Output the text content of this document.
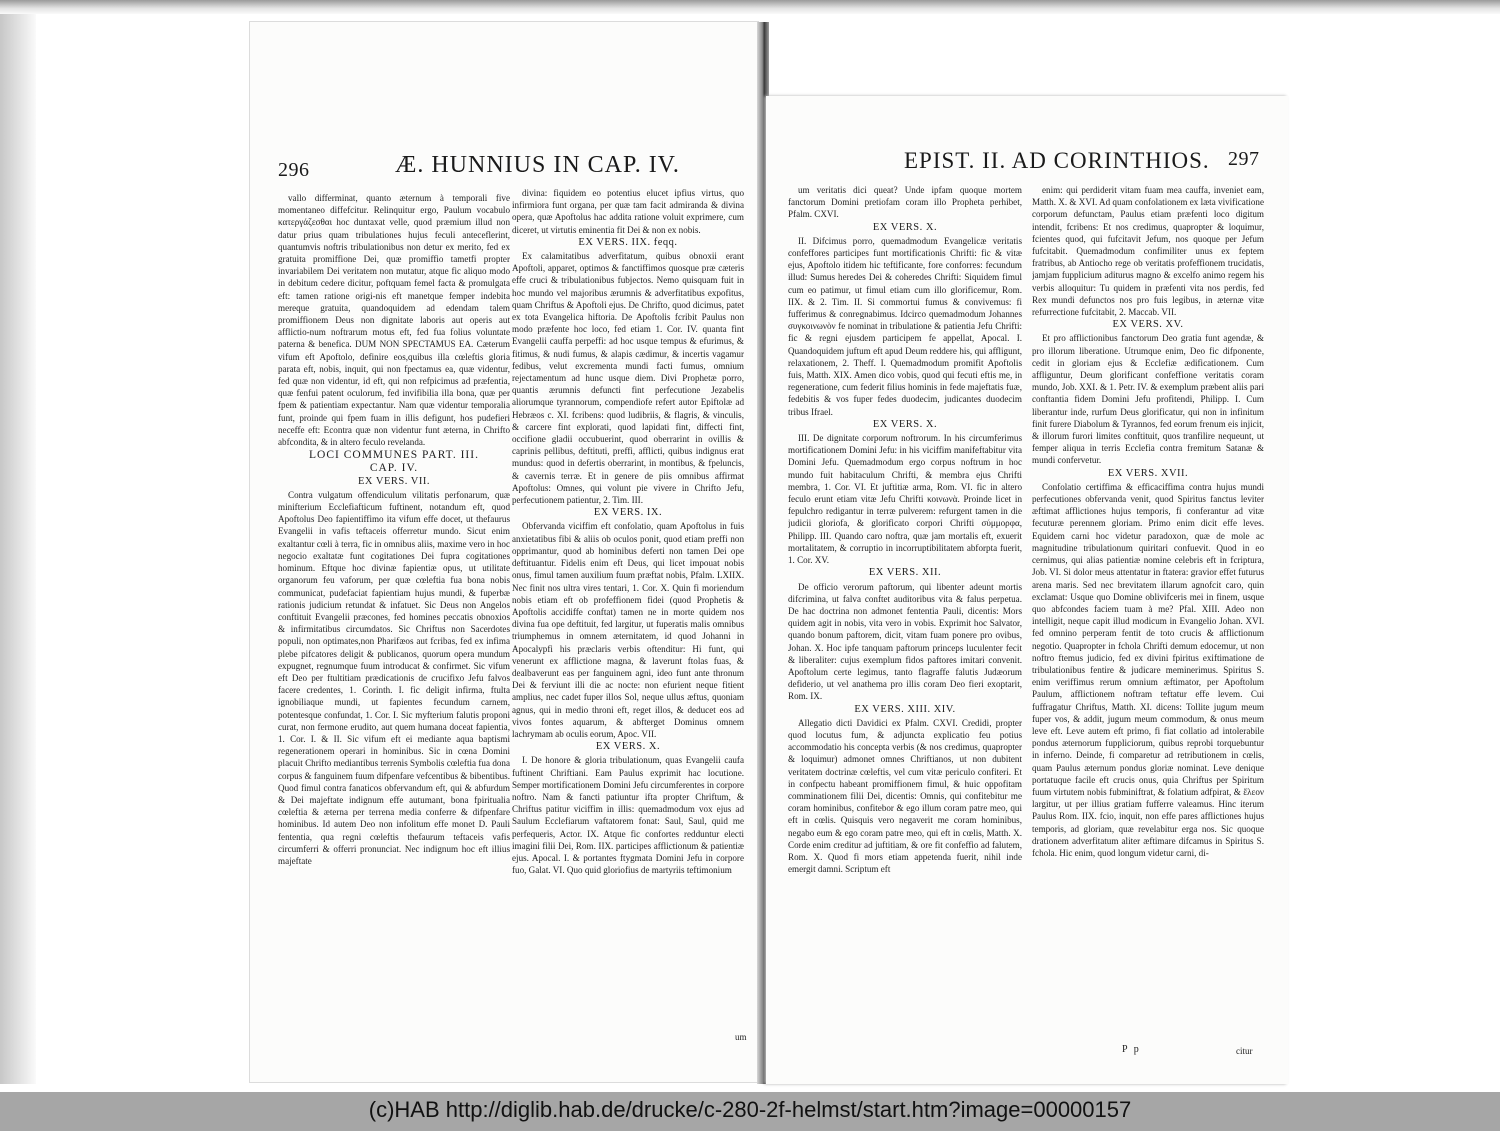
296	Æ. HUNNIUS IN CAP. IV.

vallo differminat, quanto æternum à temporali five momentaneo diffefcitur. Relinquitur ergo, Paulum vocabulo κατεργάζεσθαι hoc duntaxat velle, quod præmium illud non datur prius quam tribulationes hujus feculi anteceflerint, quantumvis noftris tribulationibus non detur ex merito, fed ex gratuita promiffione Dei, quæ promiffio tametfi propter invariabilem Dei veritatem non mutatur, atque fic aliquo modo in debitum cedere dicitur, poftquam femel facta & promulgata eft: tamen ratione origi-nis eft manetque femper indebita mereque gratuita, quandoquidem ad edendam talem promiffionem Deus non dignitate laboris aut operis aut afflictio-num noftrarum motus eft, fed fua folius voluntate paterna & benefica. DUM NON SPECTAMUS EA. Cæterum vifum eft Apoftolo, definire eos,quibus illa cœleftis gloria parata eft, nobis, inquit, qui non fpectamus ea, quæ videntur, fed quæ non videntur, id eft, qui non refpicimus ad præfentia, quæ fenfui patent oculorum, fed invifibilia illa bona, quæ per fpem & patientiam expectantur. Nam quæ videntur temporalia funt, proinde qui fpem fuam in illis defigunt, hos pudefieri neceffe eft: Econtra quæ non videntur funt æterna, in Chrifto abfcondita, & in altero feculo revelanda.

LOCI COMMUNES PART. III.

CAP. IV.

EX VERS. VII.

Contra vulgatum offendiculum vilitatis perfonarum, quæ minifterium Ecclefiafticum fuftinent, notandum eft, quod Apoftolus Deo fapientiffimo ita vifum effe docet, ut thefaurus Evangelii in vafis teftaceis offerretur mundo. Sicut enim exaltantur cœli à terra, fic in omnibus aliis, maxime vero in hoc negocio exaltatæ funt cogitationes Dei fupra cogitationes hominum. Eftque hoc divinæ fapientiæ opus, ut utilitate organorum feu vaforum, per quæ cœleftia fua bona nobis communicat, pudefaciat fapientiam hujus mundi, & fuperbæ rationis judicium retundat & infatuet. Sic Deus non Angelos conftituit Evangelii præcones, fed homines peccatis obnoxios & infirmitatibus circumdatos. Sic Chriftus non Sacerdotes populi, non optimates,non Pharifæos aut fcribas, fed ex infima plebe pifcatores deligit & publicanos, quorum opera mundum expugnet, regnumque fuum introducat & confirmet. Sic vifum eft Deo per ftultitiam prædicationis de crucifixo Jefu falvos facere credentes, 1. Corinth. I. fic deligit infirma, ftulta ignobiliaque mundi, ut fapientes fecundum carnem, potentesque confundat, 1. Cor. I. Sic myfterium falutis proponi curat, non fermone erudito, aut quem humana doceat fapientia, 1. Cor. I. & II. Sic vifum eft ei mediante aqua baptismi regenerationem operari in hominibus. Sic in cœna Domini placuit Chrifto mediantibus terrenis Symbolis cœleftia fua dona corpus & fanguinem fuum difpenfare vefcentibus & bibentibus. Quod fimul contra fanaticos obfervandum eft, qui & abfurdum & Dei majeftate indignum effe autumant, bona fpiritualia cœleftia & æterna per terrena media conferre & difpenfare hominibus. Id autem Deo non infolitum effe monet D. Pauli fententia, qua regni cœleftis thefaurum teftaceis vafis circumferri & offerri pronunciat. Nec indignum hoc eft illius majeftate

divina: fiquidem eo potentius elucet ipfius virtus, quo infirmiora funt organa, per quæ tam facit admiranda & divina opera, quæ Apoftolus hac addita ratione voluit exprimere, cum diceret, ut virtutis eminentia fit Dei & non ex nobis.

EX VERS. IIX. feqq.

Ex calamitatibus adverfitatum, quibus obnoxii erant Apoftoli, apparet, optimos & fanctiffimos quosque præ cæteris effe cruci & tribulationibus fubjectos. Nemo quisquam fuit in hoc mundo vel majoribus ærumnis & adverfitatibus expofitus, quam Chriftus & Apoftoli ejus. De Chrifto, quod dicimus, patet ex tota Evangelica hiftoria. De Apoftolis fcribit Paulus non modo præfente hoc loco, fed etiam 1. Cor. IV. quanta fint Evangelii cauffa perpeffi: ad hoc usque tempus & efurimus, & fitimus, & nudi fumus, & alapis cædimur, & incertis vagamur fedibus, velut excrementa mundi facti fumus, omnium rejectamentum ad hunc usque diem. Divi Prophetæ porro, quantis ærumnis defuncti fint perfecutione Jezabelis aliorumque tyrannorum, compendiofe refert autor Epiftolæ ad Hebræos c. XI. fcribens: quod ludibriis, & flagris, & vinculis, & carcere fint explorati, quod lapidati fint, diffecti fint, occifione gladii occubuerint, quod oberrarint in ovillis & caprinis pellibus, deftituti, preffi, afflicti, quibus indignus erat mundus: quod in defertis oberrarint, in montibus, & fpeluncis, & cavernis terræ. Et in genere de piis omnibus affirmat Apoftolus: Omnes, qui volunt pie vivere in Chrifto Jefu, perfecutionem patientur, 2. Tim. III.

EX VERS. IX.

Obfervanda viciffim eft confolatio, quam Apoftolus in fuis anxietatibus fibi & aliis ob oculos ponit, quod etiam preffi non opprimantur, quod ab hominibus deferti non tamen Dei ope deftituantur. Fidelis enim eft Deus, qui licet impouat nobis onus, fimul tamen auxilium fuum præftat nobis, Pfalm. LXIIX. Nec finit nos ultra vires tentari, 1. Cor. X. Quin fi moriendum nobis etiam eft ob profeffionem fidei (quod Prophetis & Apoftolis accidiffe conftat) tamen ne in morte quidem nos divina fua ope deftituit, fed largitur, ut fuperatis malis omnibus triumphemus in omnem æternitatem, id quod Johanni in Apocalypfi his præclaris verbis oftenditur: Hi funt, qui venerunt ex afflictione magna, & laverunt ftolas fuas, & dealbaverunt eas per fanguinem agni, ideo funt ante thronum Dei & ferviunt illi die ac nocte: non efurient neque fitient amplius, nec cadet fuper illos Sol, neque ullus æftus, quoniam agnus, qui in medio throni eft, reget illos, & deducet eos ad vivos fontes aquarum, & abfterget Dominus omnem lachrymam ab oculis eorum, Apoc. VII.

EX VERS. X.

I. De honore & gloria tribulationum, quas Evangelii caufa fuftinent Chriftiani. Eam Paulus exprimit hac locutione. Semper mortificationem Domini Jefu circumferentes in corpore noftro. Nam & fancti patiuntur ifta propter Chriftum, & Chriftus patitur viciffim in illis: quemadmodum vox ejus ad Saulum Ecclefiarum vaftatorem fonat: Saul, Saul, quid me perfequeris, Actor. IX. Atque fic confortes redduntur electi imagini filii Dei, Rom. IIX. participes afflictionum & patientiæ ejus. Apocal. I. & portantes ftygmata Domini Jefu in corpore fuo, Galat. VI. Quo quid gloriofius de martyriis teftimonium

um
EPIST. II. AD CORINTHIOS. 297

um veritatis dici queat? Unde ipfam quoque mortem fanctorum Domini pretiofam coram illo Propheta perhibet, Pfalm. CXVI.

EX VERS. X.

II. Difcimus porro, quemadmodum Evangelicæ veritatis confeffores participes funt mortificationis Chrifti: fic & vitæ ejus, Apoftolo itidem hic teftificante, fore conforres: fecundum illud: Sumus heredes Dei & coheredes Chrifti: Siquidem fimul cum eo patimur, ut fimul etiam cum illo glorificemur, Rom. IIX. & 2. Tim. II. Si commortui fumus & convivemus: fi fufferimus & conregnabimus. Idcirco quemadmodum Johannes συγκοινωνὸν fe nominat in tribulatione & patientia Jefu Chrifti: fic & regni ejusdem participem fe appellat, Apocal. I. Quandoquidem juftum eft apud Deum reddere his, qui affligunt, relaxationem, 2. Theff. I. Quemadmodum promifit Apoftolis fuis, Matth. XIX. Amen dico vobis, quod qui fecuti eftis me, in regeneratione, cum federit filius hominis in fede majeftatis fuæ, fedebitis & vos fuper fedes duodecim, judicantes duodecim tribus Ifrael.

EX VERS. X.

III. De dignitate corporum noftrorum. In his circumferimus mortificationem Domini Jefu: in his viciffim manifeftabitur vita Domini Jefu. Quemadmodum ergo corpus noftrum in hoc mundo fuit habitaculum Chrifti, & membra ejus Chrifti membra, 1. Cor. VI. Et juftitiæ arma, Rom. VI. fic in altero feculo erunt etiam vitæ Jefu Chrifti κοινωνὰ. Proinde licet in fepulchro redigantur in terræ pulverem: refurgent tamen in die judicii gloriofa, & glorificato corpori Chrifti σύμμορφα, Philipp. III. Quando caro noftra, quæ jam mortalis eft, exuerit mortalitatem, & corruptio in incorruptibilitatem abforpta fuerit, 1. Cor. XV.

EX VERS. XII.

De officio verorum paftorum, qui libenter adeunt mortis difcrimina, ut falva conftet auditoribus vita & falus perpetua. De hac doctrina non admonet fententia Pauli, dicentis: Mors quidem agit in nobis, vita vero in vobis. Exprimit hoc Salvator, quando bonum paftorem, dicit, vitam fuam ponere pro ovibus, Johan. X. Hoc ipfe tanquam paftorum princeps luculenter fecit & liberaliter: cujus exemplum fidos paftores imitari convenit. Apoftolum certe legimus, tanto flagraffe falutis Judæorum defiderio, ut vel anathema pro illis coram Deo fieri exoptarit, Rom. IX.

EX VERS. XIII. XIV.

Allegatio dicti Davidici ex Pfalm. CXVI. Credidi, propter quod locutus fum, & adjuncta explicatio feu potius accommodatio his concepta verbis (& nos credimus, quapropter & loquimur) admonet omnes Chriftianos, ut non dubitent veritatem doctrinæ cœleftis, vel cum vitæ periculo confiteri. Et in confpectu habeant promiffionem fimul, & huic oppofitam comminationem filii Dei, dicentis: Omnis, qui confitebitur me coram hominibus, confitebor & ego illum coram patre meo, qui eft in cœlis. Quisquis vero negaverit me coram hominibus, negabo eum & ego coram patre meo, qui eft in cœlis, Matth. X. Corde enim creditur ad juftitiam, & ore fit confeffio ad falutem, Rom. X. Quod fi mors etiam appetenda fuerit, nihil inde emergit damni. Scriptum eft

enim: qui perdiderit vitam fuam mea cauffa, inveniet eam, Matth. X. & XVI. Ad quam confolationem ex læta vivificatione corporum defunctam, Paulus etiam præfenti loco digitum intendit, fcribens: Et nos credimus, quapropter & loquimur, fcientes quod, qui fufcitavit Jefum, nos quoque per Jefum fufcitabit. Quemadmodum confimiliter unus ex feptem fratribus, ab Antiocho rege ob veritatis profeffionem trucidatis, jamjam fupplicium aditurus magno & excelfo animo regem his verbis alloquitur: Tu quidem in præfenti vita nos perdis, fed Rex mundi defunctos nos pro fuis legibus, in æternæ vitæ refurrectione fufcitabit, 2. Maccab. VII.

EX VERS. XV.

Et pro afflictionibus fanctorum Deo gratia funt agendæ, & pro illorum liberatione. Utrumque enim, Deo fic difponente, cedit in gloriam ejus & Ecclefiæ ædificationem. Cum affliguntur, Deum glorificant confeffione veritatis coram mundo, Job. XXI. & 1. Petr. IV. & exemplum præbent aliis pari conftantia fidem Domini Jefu profitendi, Philipp. I. Cum liberantur inde, rurfum Deus glorificatur, qui non in infinitum finit furere Diabolum & Tyrannos, fed eorum frenum eis injicit, & illorum furori limites conftituit, quos tranfilire nequeunt, ut femper aliqua in terris Ecclefia contra fremitum Satanæ & mundi confervetur.

EX VERS. XVII.

Confolatio certiffima & efficaciffima contra hujus mundi perfecutiones obfervanda venit, quod Spiritus fanctus leviter æftimat afflictiones hujus temporis, fi conferantur ad vitæ fecuturæ perennem gloriam. Primo enim dicit effe leves. Equidem carni hoc videtur paradoxon, quæ de mole ac magnitudine tribulationum quiritari confuevit. Quod in eo cernimus, qui alias patientiæ nomine celebris eft in fcriptura, Job. VI. Si dolor meus attentatur in ftatera: gravior effet futurus arena maris. Sed nec brevitatem illarum agnofcit caro, quin exclamat: Usque quo Domine oblivifceris mei in finem, usque quo abfcondes faciem tuam à me? Pfal. XIII. Adeo non intelligit, neque capit illud modicum in Evangelio Johan. XVI. fed omnino perperam fentit de toto crucis & afflictionum negotio. Quapropter in fchola Chrifti demum edocemur, ut non noftro ftemus judicio, fed ex divini fpiritus exiftimatione de tribulationibus fentire & judicare meminerimus. Spiritus S. enim veriffimus rerum omnium æftimator, per Apoftolum Paulum, afflictionem noftram teftatur effe levem. Cui fuffragatur Chriftus, Matth. XI. dicens: Tollite jugum meum fuper vos, & addit, jugum meum commodum, & onus meum leve eft. Leve autem eft primo, fi fiat collatio ad intolerabile pondus æternorum fuppliciorum, quibus reprobi torquebuntur in inferno. Deinde, fi comparetur ad retributionem in cœlis, quam Paulus æternum pondus gloriæ nominat. Leve denique portatuque facile eft crucis onus, quia Chriftus per Spiritum fuum virtutem nobis fubminiftrat, & folatium adfpirat, & ἔλεον largitur, ut per illius gratiam fufferre valeamus. Hinc iterum Paulus Rom. IIX. fcio, inquit, non effe pares afflictiones hujus temporis, ad gloriam, quæ revelabitur erga nos. Sic quoque drationem adverfitatum aliter æftimare difcamus in Spiritus S. fchola. Hic enim, quod longum videtur carni, di-

P p	citur
(c)HAB http://diglib.hab.de/drucke/c-280-2f-helmst/start.htm?image=00000157
